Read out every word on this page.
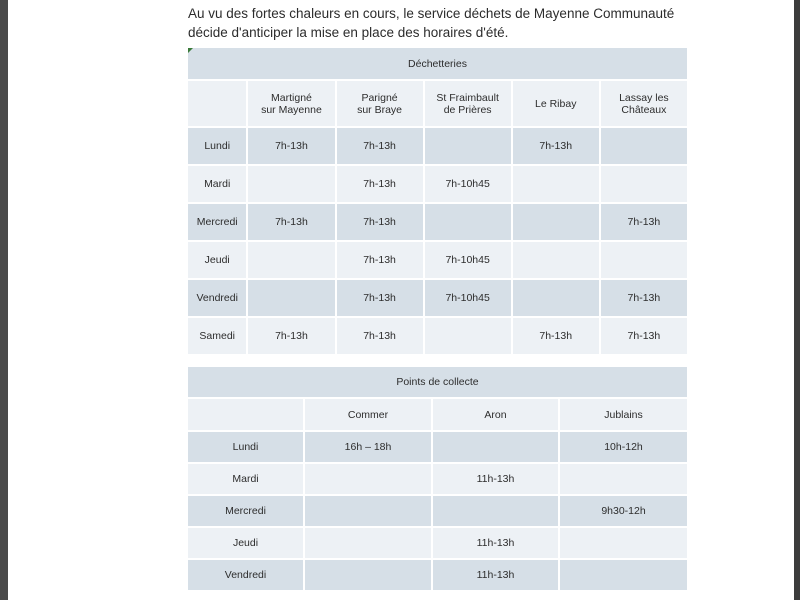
Au vu des fortes chaleurs en cours, le service déchets de Mayenne Communauté

décide d'anticiper la mise en place des horaires d'été.

Déchetteries					
	Martigné
sur Mayenne	Parigné
sur Braye	St Fraimbault
de Prières	Le Ribay	Lassay les
Châteaux
Lundi	7h-13h	7h-13h		7h-13h	
Mardi		7h-13h	7h-10h45		
Mercredi	7h-13h	7h-13h			7h-13h
Jeudi		7h-13h	7h-10h45		
Vendredi		7h-13h	7h-10h45		7h-13h
Samedi	7h-13h	7h-13h		7h-13h	7h-13h
Points de collecte			
	Commer	Aron	Jublains
Lundi	16h – 18h		10h-12h
Mardi		11h-13h	
Mercredi			9h30-12h
Jeudi		11h-13h	
Vendredi		11h-13h	
